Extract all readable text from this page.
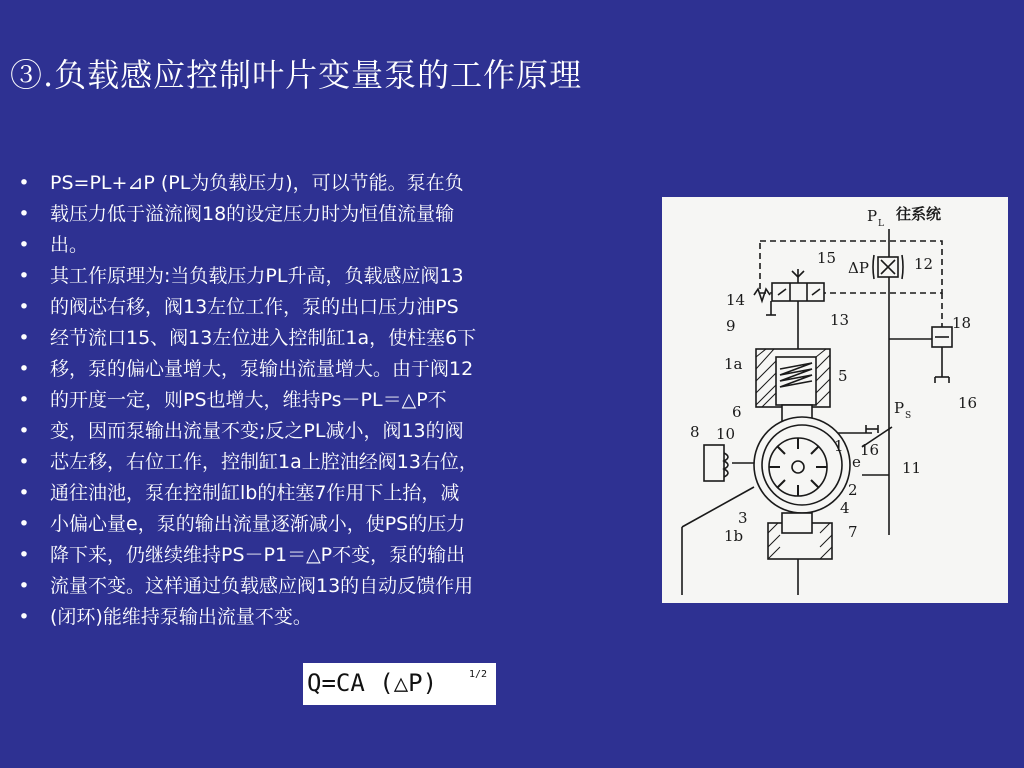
③.负载感应控制叶片变量泵的工作原理
• PS=PL+⊿P (PL为负载压力)，可以节能。泵在负
• 载压力低于溢流阀18的设定压力时为恒值流量输
• 出。
• 其工作原理为:当负载压力PL升高，负载感应阀13
• 的阀芯右移，阀13左位工作，泵的出口压力油PS
• 经节流口15、阀13左位进入控制缸1a，使柱塞6下
• 移，泵的偏心量增大，泵输出流量增大。由于阀12
• 的开度一定，则PS也增大，维持Ps－PL＝△P不
• 变，因而泵输出流量不变;反之PL减小，阀13的阀
• 芯左移，右位工作，控制缸1a上腔油经阀13右位，
• 通往油池，泵在控制缸lb的柱塞7作用下上抬，减
• 小偏心量e，泵的输出流量逐渐减小，使PS的压力
• 降下来，仍继续维持PS－P1＝△P不变，泵的输出
• 流量不变。这样通过负载感应阀13的自动反馈作用
• (闭环)能维持泵输出流量不变。
P L
往系统
ΔP
15	12
14
13	18
9
1a
5
16
P S
6
1
8 10
16
e	11
2
4
3
7
1b
Q=CA (△P)	1/2
